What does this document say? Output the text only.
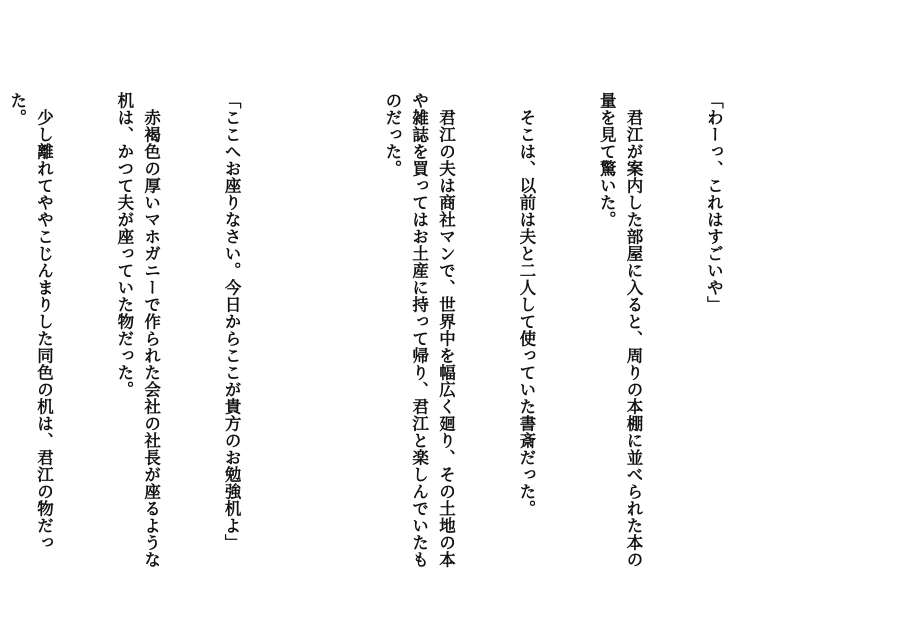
「わーっ、これはすごいや」

　君江が案内した部屋に入ると、周りの本棚に並べられた本の量を見て驚いた。

　そこは、以前は夫と二人して使っていた書斎だった。

　君江の夫は商社マンで、世界中を幅広く廻り、その土地の本や雑誌を買ってはお土産に持って帰り、君江と楽しんでいたものだった。

「ここへお座りなさい。今日からここが貴方のお勉強机よ」

　赤褐色の厚いマホガニーで作られた会社の社長が座るような机は、かつて夫が座っていた物だった。

　少し離れてややこじんまりした同色の机は、君江の物だった。
